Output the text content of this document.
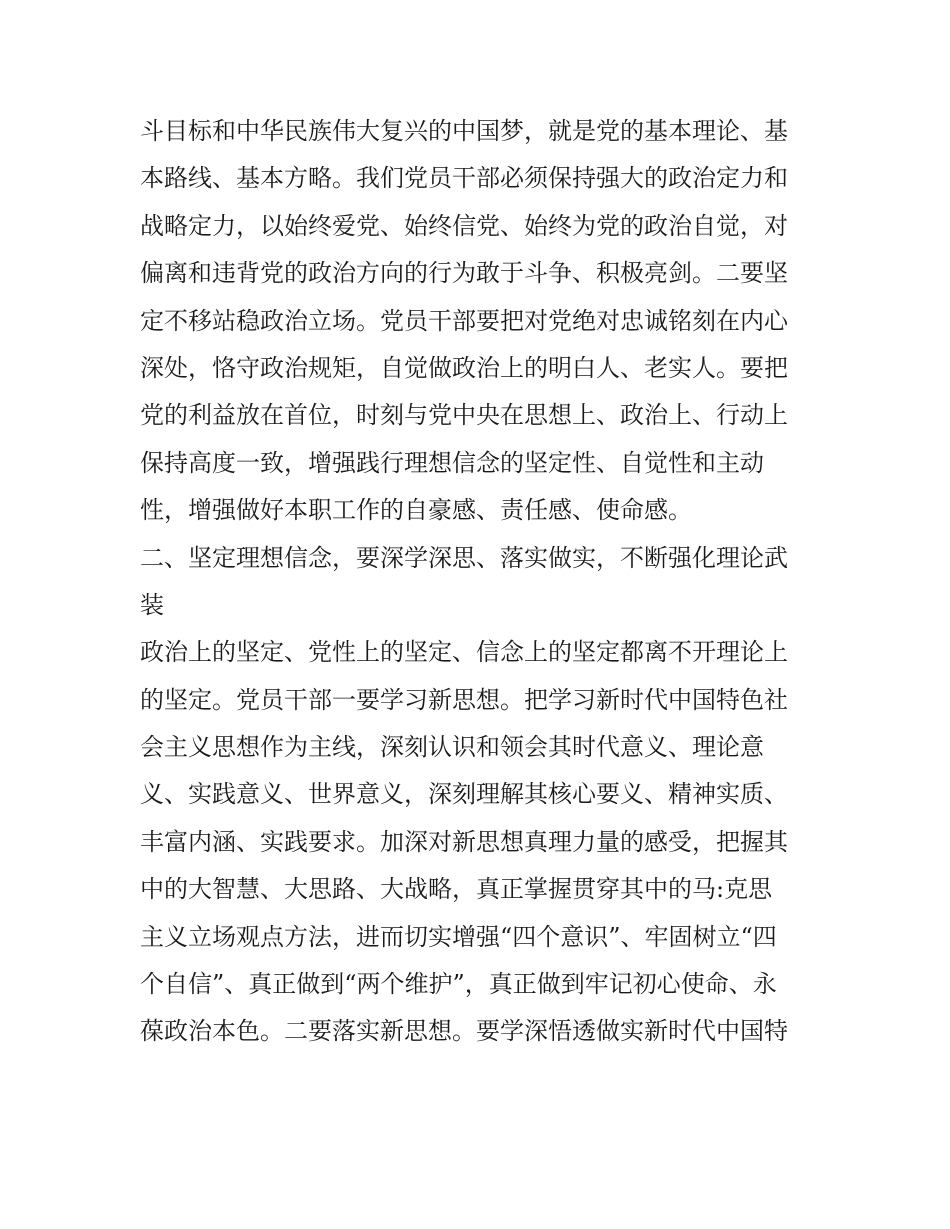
斗目标和中华民族伟大复兴的中国梦，就是党的基本理论、基
本路线、基本方略。我们党员干部必须保持强大的政治定力和
战略定力，以始终爱党、始终信党、始终为党的政治自觉，对
偏离和违背党的政治方向的行为敢于斗争、积极亮剑。二要坚
定不移站稳政治立场。党员干部要把对党绝对忠诚铭刻在内心
深处，恪守政治规矩，自觉做政治上的明白人、老实人。要把
党的利益放在首位，时刻与党中央在思想上、政治上、行动上
保持高度一致，增强践行理想信念的坚定性、自觉性和主动
性，增强做好本职工作的自豪感、责任感、使命感。
二、坚定理想信念，要深学深思、落实做实，不断强化理论武
装
政治上的坚定、党性上的坚定、信念上的坚定都离不开理论上
的坚定。党员干部一要学习新思想。把学习新时代中国特色社
会主义思想作为主线，深刻认识和领会其时代意义、理论意
义、实践意义、世界意义，深刻理解其核心要义、精神实质、
丰富内涵、实践要求。加深对新思想真理力量的感受，把握其
中的大智慧、大思路、大战略，真正掌握贯穿其中的马:克思
主义立场观点方法，进而切实增强“四个意识”、牢固树立“四
个自信”、真正做到“两个维护”，真正做到牢记初心使命、永
葆政治本色。二要落实新思想。要学深悟透做实新时代中国特
